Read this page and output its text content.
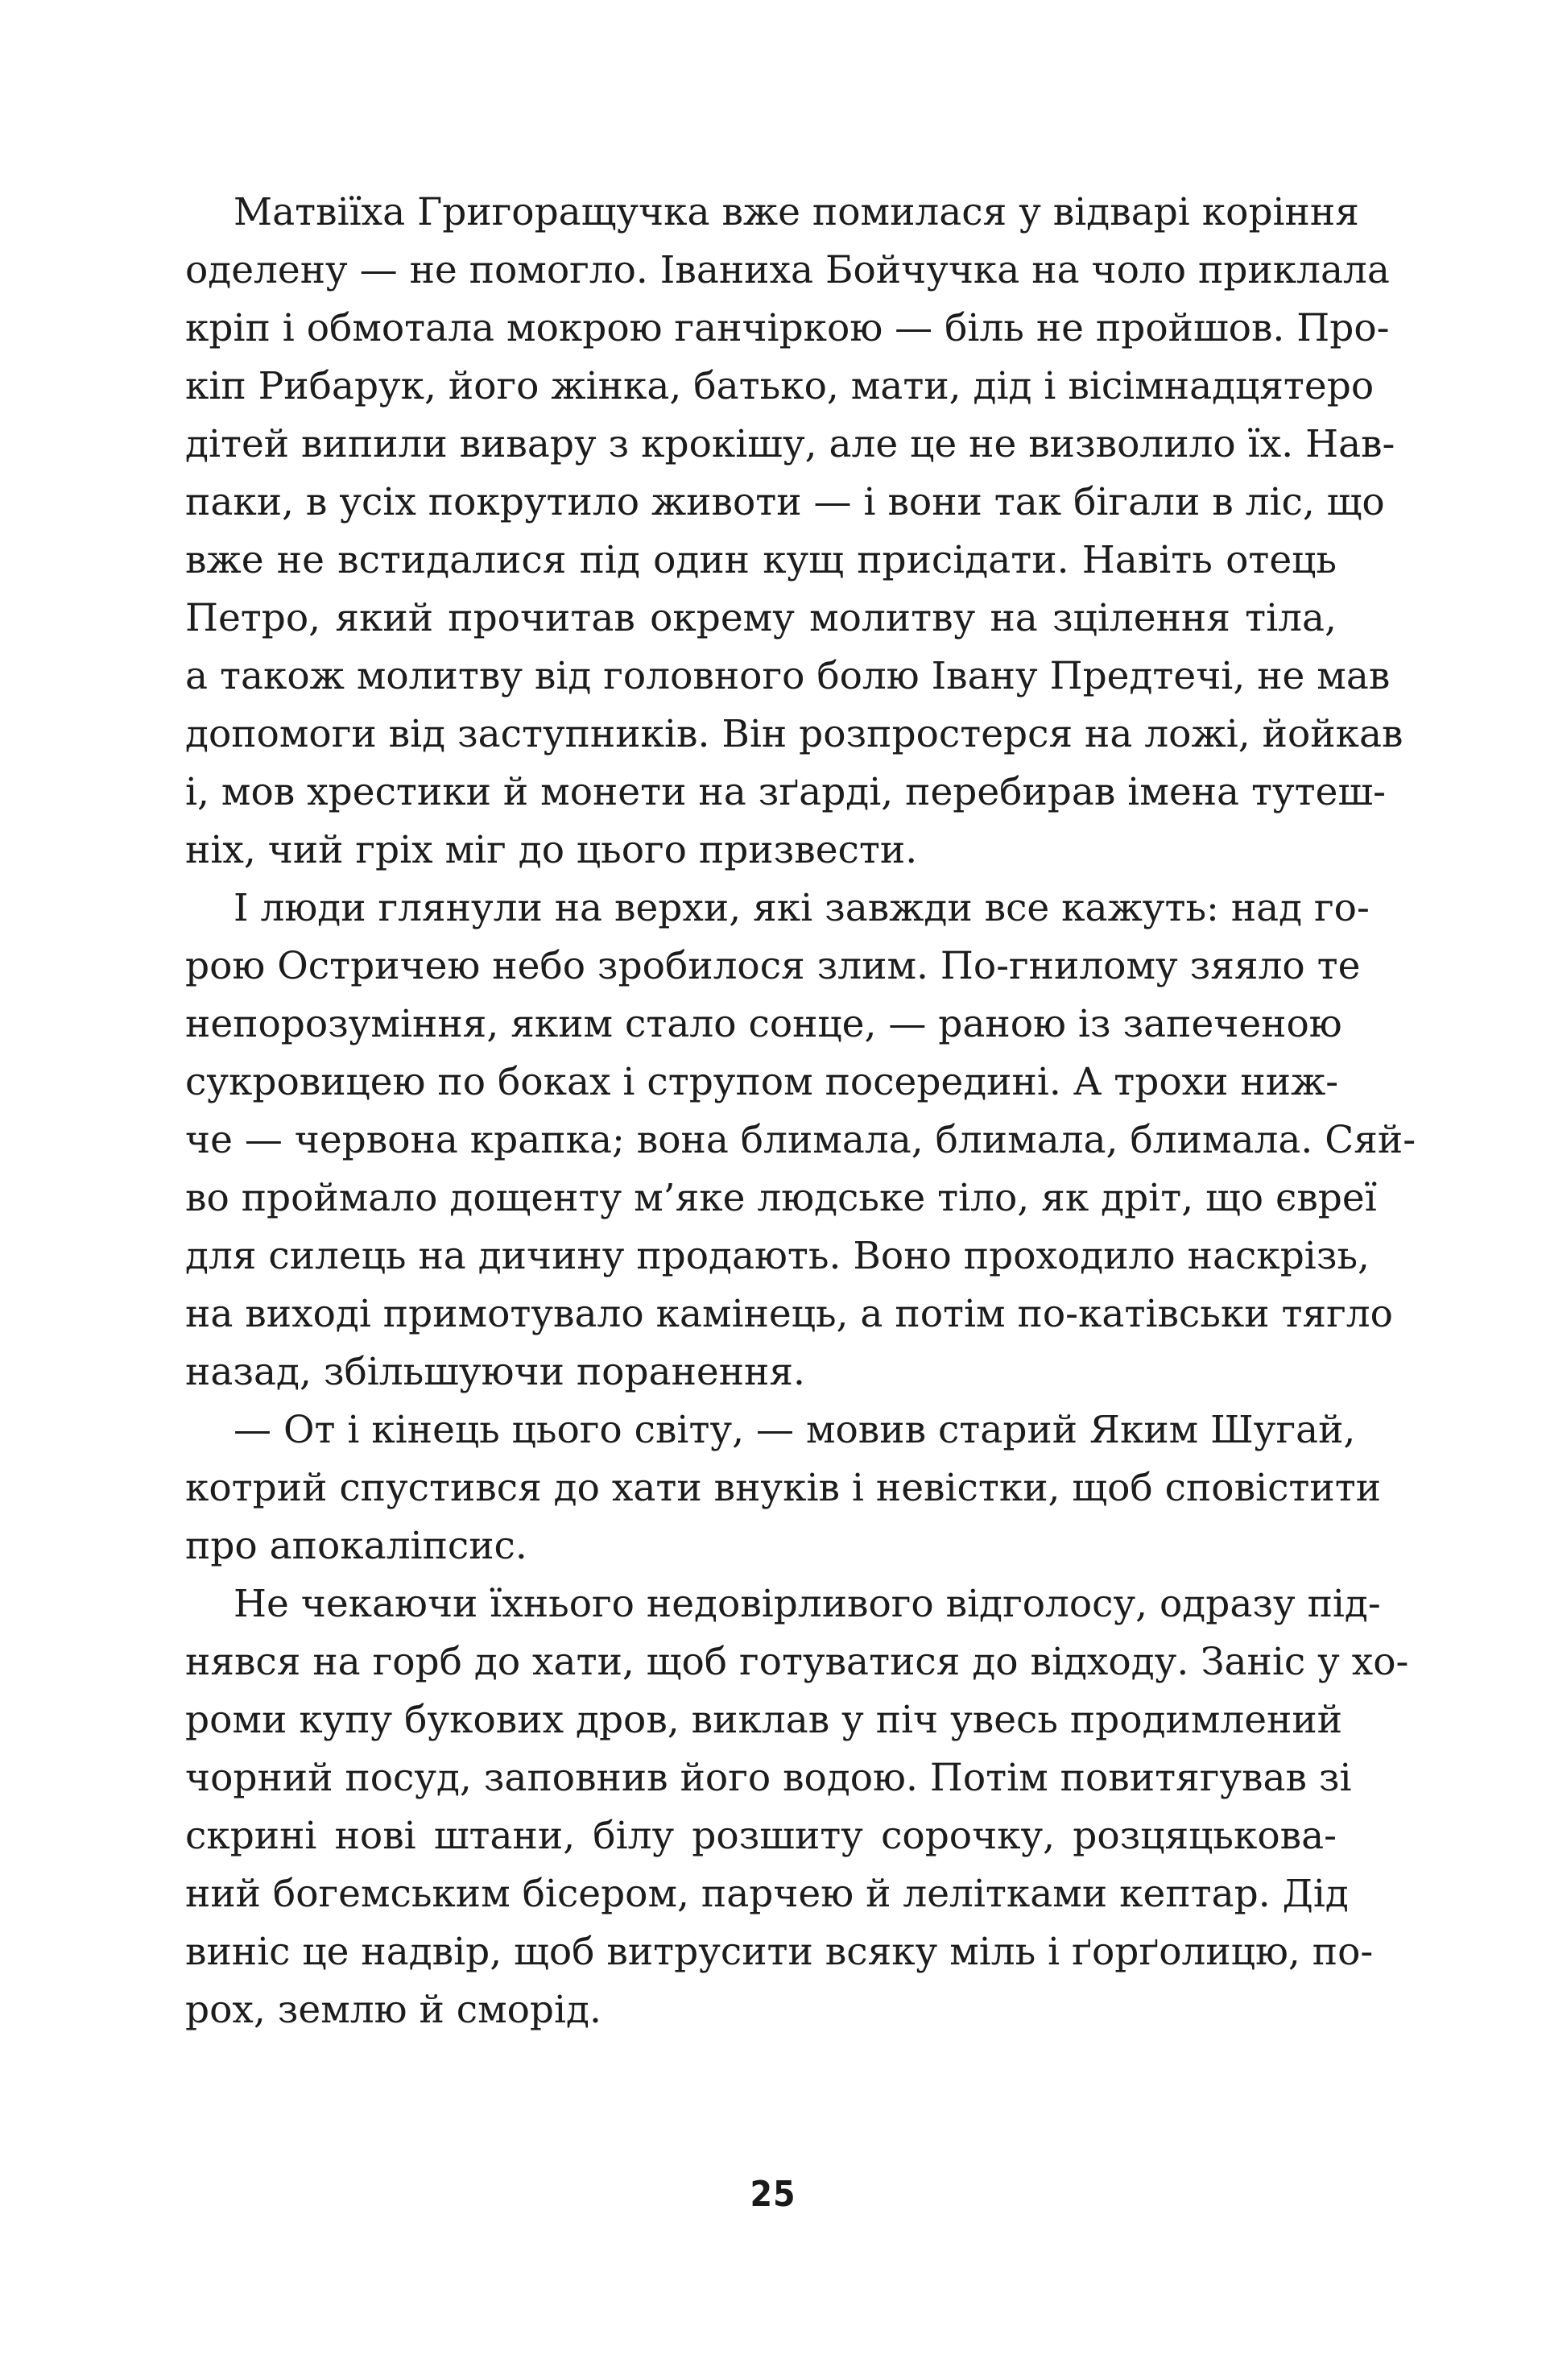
Матвіїха Григоращучка вже помилася у відварі коріння
оделену — не помогло. Іваниха Бойчучка на чоло приклала
кріп і обмотала мокрою ганчіркою — біль не пройшов. Про-
кіп Рибарук, його жінка, батько, мати, дід і вісімнадцятеро
дітей випили вивару з крокішу, але це не визволило їх. Нав-
паки, в усіх покрутило животи — і вони так бігали в ліс, що
вже не встидалися під один кущ присідати. Навіть отець
Петро, який прочитав окрему молитву на зцілення тіла,
а також молитву від головного болю Івану Предтечі, не мав
допомоги від заступників. Він розпростерся на ложі, йойкав
і, мов хрестики й монети на зґарді, перебирав імена тутеш-
ніх, чий гріх міг до цього призвести.

І люди глянули на верхи, які завжди все кажуть: над го-
рою Остричею небо зробилося злим. По-гнилому зяяло те
непорозуміння, яким стало сонце, — раною із запеченою
сукровицею по боках і струпом посередині. А трохи ниж-
че — червона крапка; вона блимала, блимала, блимала. Сяй-
во проймало дощенту м’яке людське тіло, як дріт, що євреї
для силець на дичину продають. Воно проходило наскрізь,
на виході примотувало камінець, а потім по-катівськи тягло
назад, збільшуючи поранення.

— От і кінець цього світу, — мовив старий Яким Шугай,
котрий спустився до хати внуків і невістки, щоб сповістити
про апокаліпсис.

Не чекаючи їхнього недовірливого відголосу, одразу під-
нявся на горб до хати, щоб готуватися до відходу. Заніс у хо-
роми купу букових дров, виклав у піч увесь продимлений
чорний посуд, заповнив його водою. Потім повитягував зі
скрині нові штани, білу розшиту сорочку, розцяцькова-
ний богемським бісером, парчею й лелітками кептар. Дід
виніс це надвір, щоб витрусити всяку міль і ґорґолицю, по-
рох, землю й сморід.

25
